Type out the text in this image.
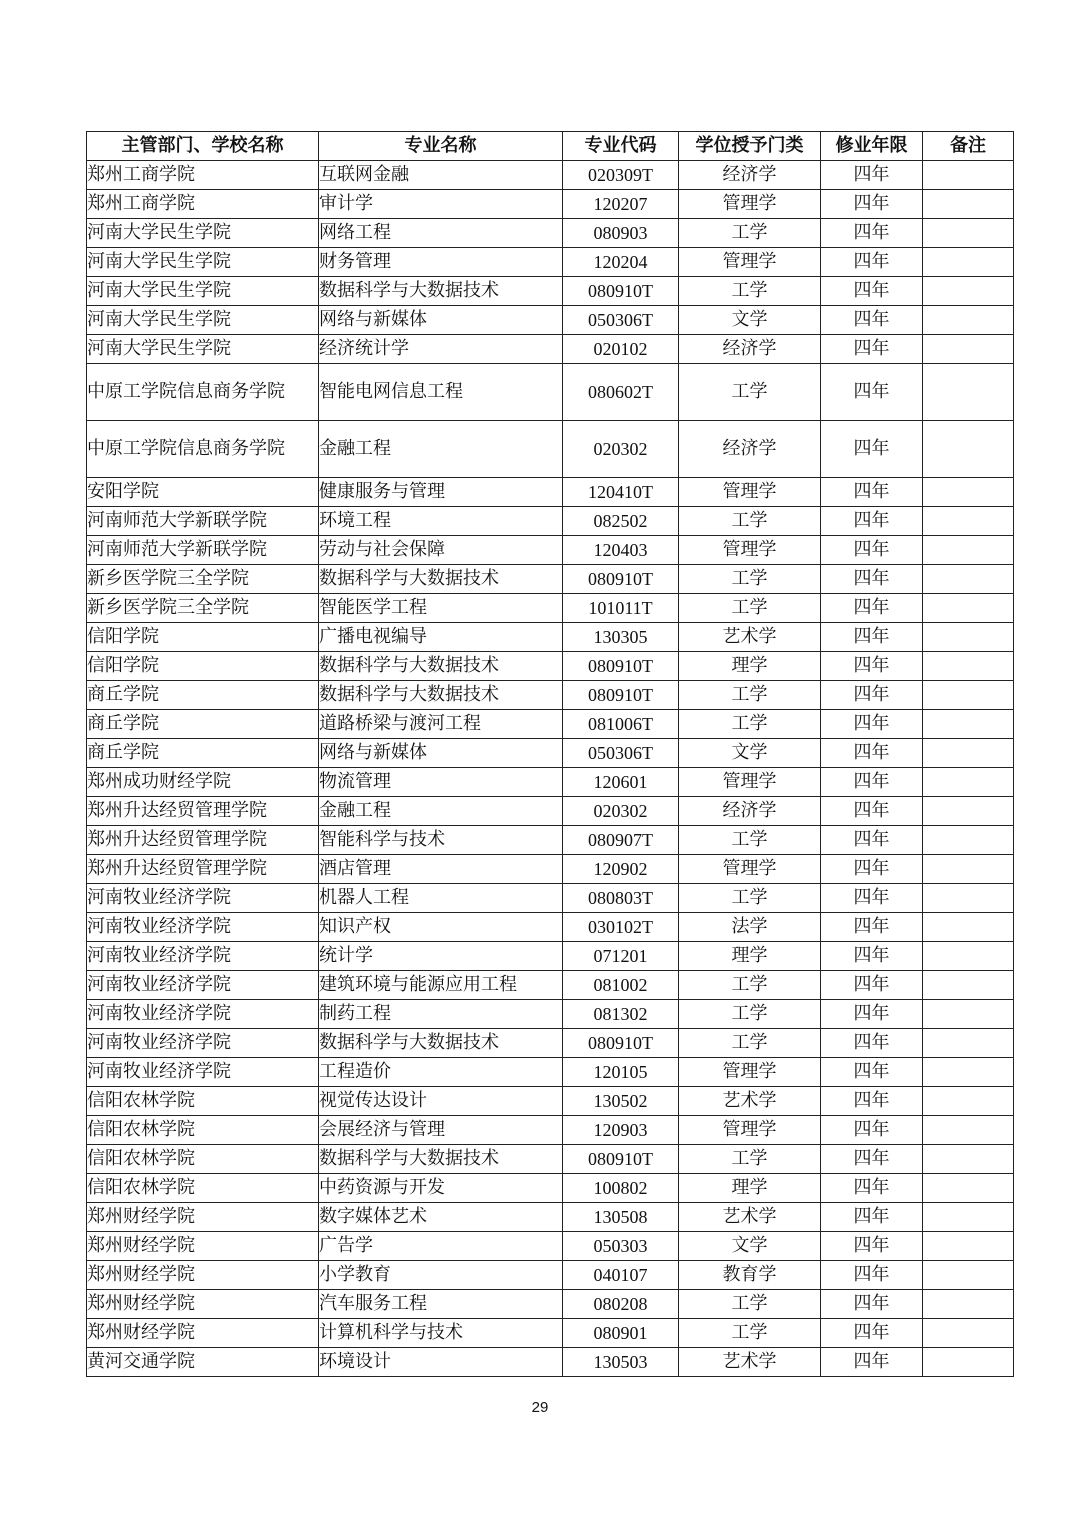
主管部门、学校名称	专业名称	专业代码	学位授予门类	修业年限	备注
郑州工商学院	互联网金融	020309T	经济学	四年	
郑州工商学院	审计学	120207	管理学	四年	
河南大学民生学院	网络工程	080903	工学	四年	
河南大学民生学院	财务管理	120204	管理学	四年	
河南大学民生学院	数据科学与大数据技术	080910T	工学	四年	
河南大学民生学院	网络与新媒体	050306T	文学	四年	
河南大学民生学院	经济统计学	020102	经济学	四年	
中原工学院信息商务学院	智能电网信息工程	080602T	工学	四年	
中原工学院信息商务学院	金融工程	020302	经济学	四年	
安阳学院	健康服务与管理	120410T	管理学	四年	
河南师范大学新联学院	环境工程	082502	工学	四年	
河南师范大学新联学院	劳动与社会保障	120403	管理学	四年	
新乡医学院三全学院	数据科学与大数据技术	080910T	工学	四年	
新乡医学院三全学院	智能医学工程	101011T	工学	四年	
信阳学院	广播电视编导	130305	艺术学	四年	
信阳学院	数据科学与大数据技术	080910T	理学	四年	
商丘学院	数据科学与大数据技术	080910T	工学	四年	
商丘学院	道路桥梁与渡河工程	081006T	工学	四年	
商丘学院	网络与新媒体	050306T	文学	四年	
郑州成功财经学院	物流管理	120601	管理学	四年	
郑州升达经贸管理学院	金融工程	020302	经济学	四年	
郑州升达经贸管理学院	智能科学与技术	080907T	工学	四年	
郑州升达经贸管理学院	酒店管理	120902	管理学	四年	
河南牧业经济学院	机器人工程	080803T	工学	四年	
河南牧业经济学院	知识产权	030102T	法学	四年	
河南牧业经济学院	统计学	071201	理学	四年	
河南牧业经济学院	建筑环境与能源应用工程	081002	工学	四年	
河南牧业经济学院	制药工程	081302	工学	四年	
河南牧业经济学院	数据科学与大数据技术	080910T	工学	四年	
河南牧业经济学院	工程造价	120105	管理学	四年	
信阳农林学院	视觉传达设计	130502	艺术学	四年	
信阳农林学院	会展经济与管理	120903	管理学	四年	
信阳农林学院	数据科学与大数据技术	080910T	工学	四年	
信阳农林学院	中药资源与开发	100802	理学	四年	
郑州财经学院	数字媒体艺术	130508	艺术学	四年	
郑州财经学院	广告学	050303	文学	四年	
郑州财经学院	小学教育	040107	教育学	四年	
郑州财经学院	汽车服务工程	080208	工学	四年	
郑州财经学院	计算机科学与技术	080901	工学	四年	
黄河交通学院	环境设计	130503	艺术学	四年	
29
